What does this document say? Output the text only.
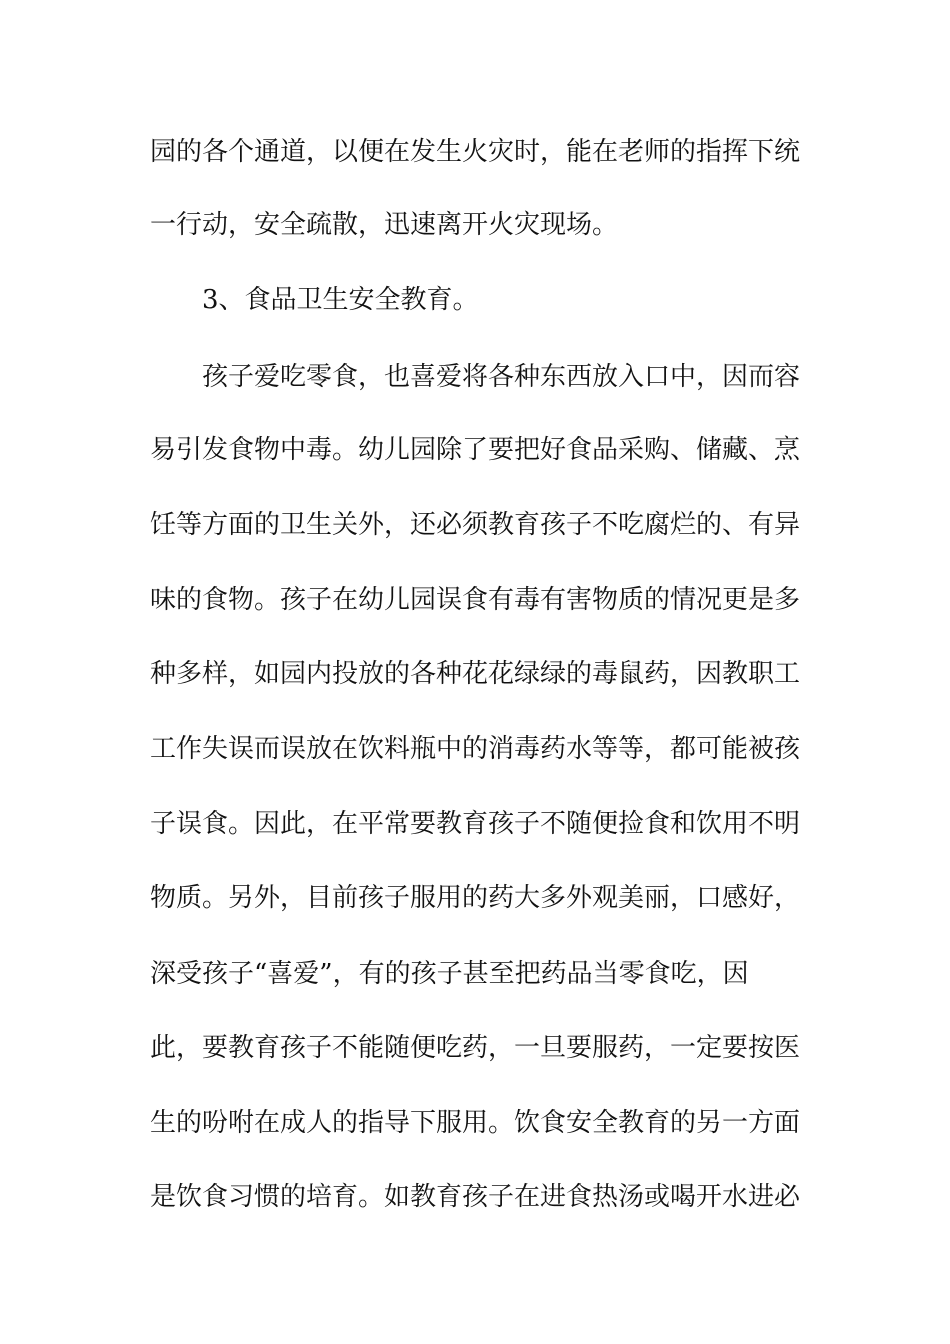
园的各个通道，以便在发生火灾时，能在老师的指挥下统
一行动，安全疏散，迅速离开火灾现场。
3、食品卫生安全教育。
孩子爱吃零食，也喜爱将各种东西放入口中，因而容
易引发食物中毒。幼儿园除了要把好食品采购、储藏、烹
饪等方面的卫生关外，还必须教育孩子不吃腐烂的、有异
味的食物。孩子在幼儿园误食有毒有害物质的情况更是多
种多样，如园内投放的各种花花绿绿的毒鼠药，因教职工
工作失误而误放在饮料瓶中的消毒药水等等，都可能被孩
子误食。因此，在平常要教育孩子不随便捡食和饮用不明
物质。另外，目前孩子服用的药大多外观美丽，口感好，
深受孩子“喜爱”，有的孩子甚至把药品当零食吃，因
此，要教育孩子不能随便吃药，一旦要服药，一定要按医
生的吩咐在成人的指导下服用。饮食安全教育的另一方面
是饮食习惯的培育。如教育孩子在进食热汤或喝开水进必
